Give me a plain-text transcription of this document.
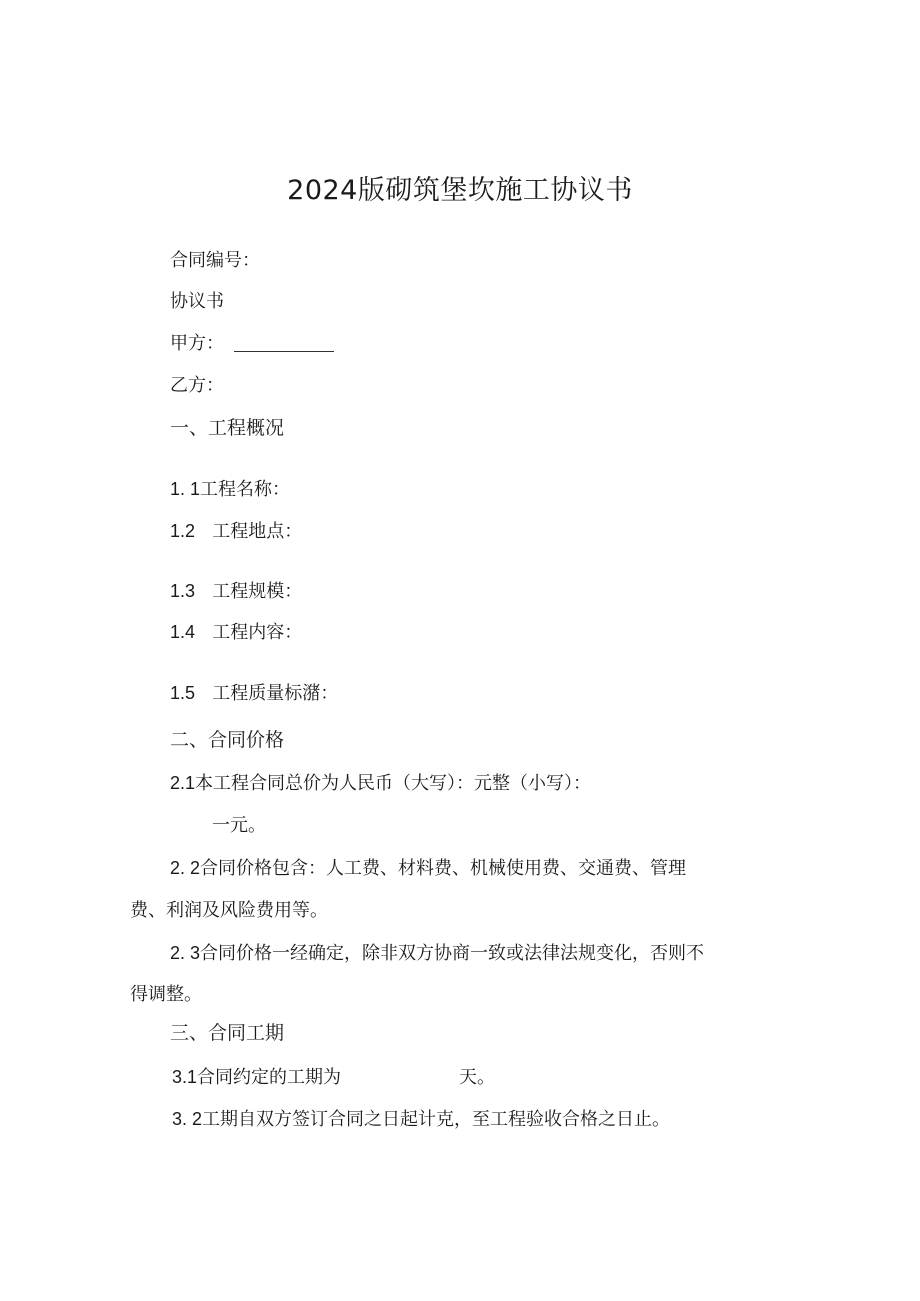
2024版砌筑堡坎施工协议书
合同编号：
协议书
甲方：
乙方：
一、工程概况
1. 1工程名称：
1.2 工程地点：
1.3 工程规模：
1.4 工程内容：
1.5 工程质量标潴：
二、合同价格
2.1本工程合同总价为人民币（大写）：元整（小写）：
一元。
2. 2合同价格包含：人工费、材料费、机械使用费、交通费、管理
费、利润及风险费用等。
2. 3合同价格一经确定，除非双方协商一致或法律法规变化，否则不
得调整。
三、合同工期
3.1合同约定的工期为	天。
3. 2工期自双方签订合同之日起计克，至工程验收合格之日止。
